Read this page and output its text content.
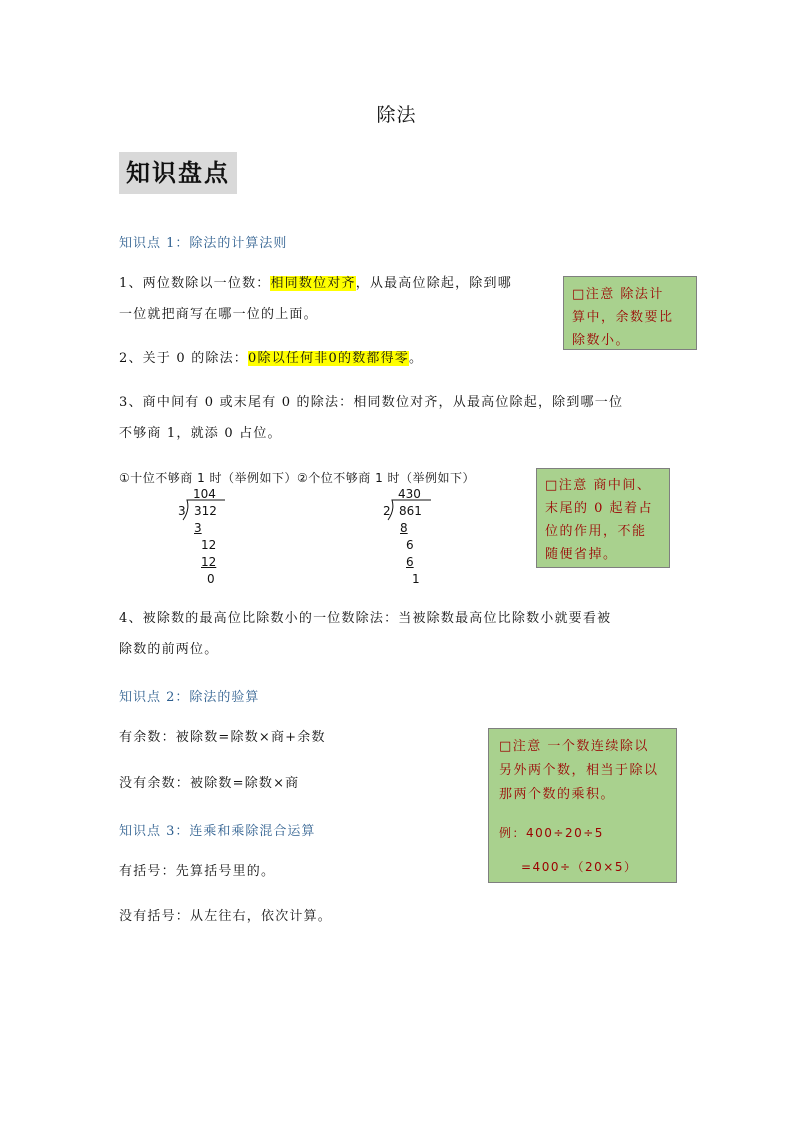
除法
知识盘点
知识点 1：除法的计算法则
1、两位数除以一位数：相同数位对齐，从最高位除起，除到哪
一位就把商写在哪一位的上面。
□注意 除法计
算中，余数要比
除数小。
2、关于 0 的除法：0除以任何非0的数都得零。
3、商中间有 0 或末尾有 0 的除法：相同数位对齐，从最高位除起，除到哪一位
不够商 1，就添 0 占位。
①十位不够商 1 时（举例如下）②个位不够商 1 时（举例如下）
104
3 312
3
12
12
0
430
2 861
8
6
6
1
□注意 商中间、
末尾的 0 起着占
位的作用，不能
随便省掉。
4、被除数的最高位比除数小的一位数除法：当被除数最高位比除数小就要看被
除数的前两位。
知识点 2：除法的验算
有余数：被除数=除数×商+余数
没有余数：被除数=除数×商
□注意 一个数连续除以
另外两个数，相当于除以
那两个数的乘积。
例：400÷20÷5
=400÷（20×5）
知识点 3：连乘和乘除混合运算
有括号：先算括号里的。
没有括号：从左往右，依次计算。
